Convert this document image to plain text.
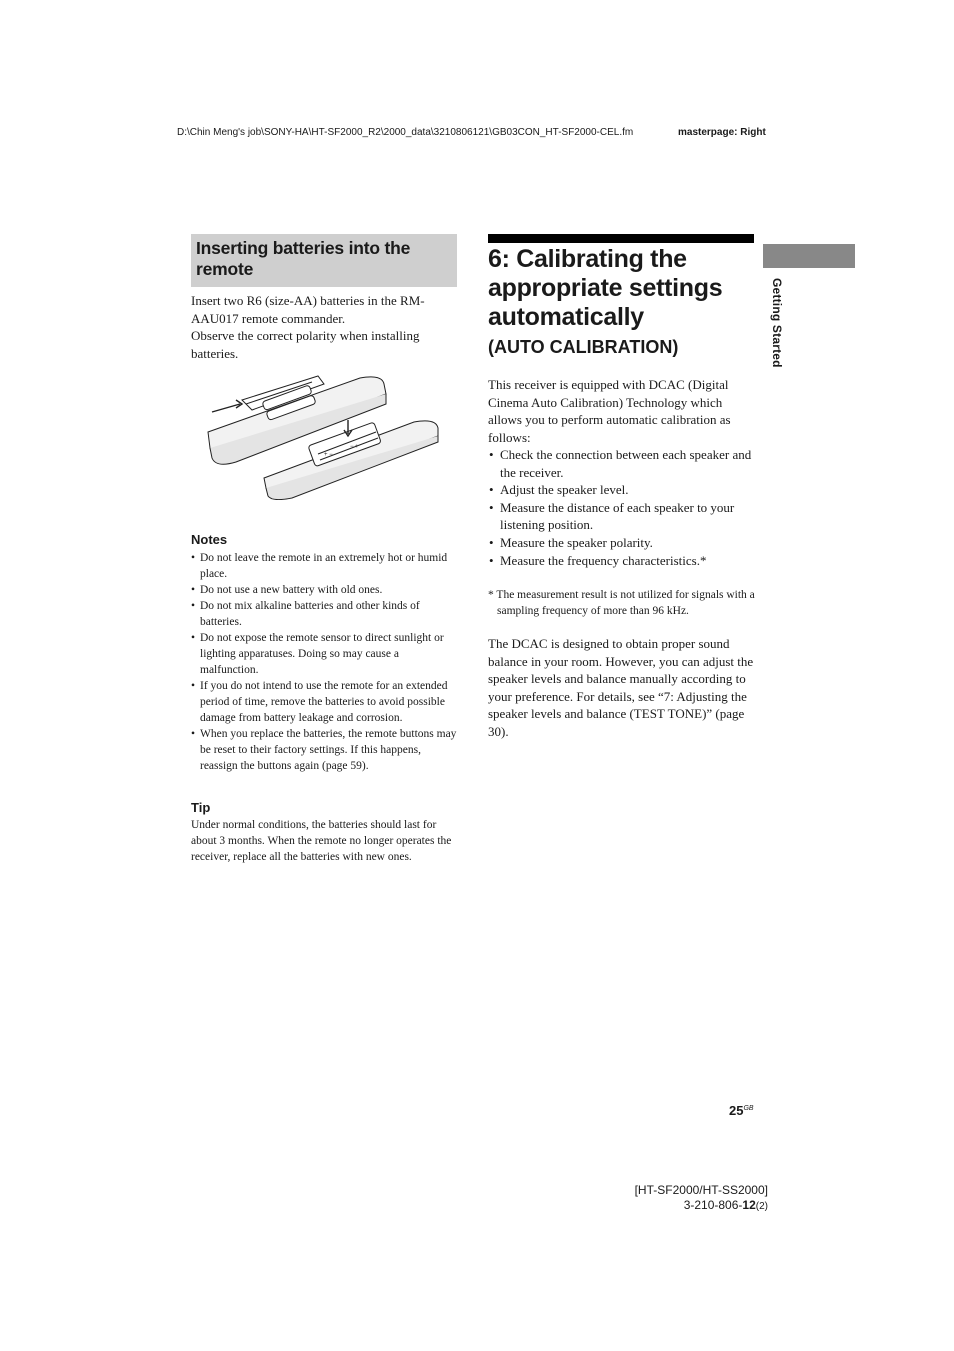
D:\Chin Meng's job\SONY-HA\HT-SF2000_R2\2000_data\3210806121\GB03CON_HT-SF2000-CEL.fm	masterpage: Right
Inserting batteries into the remote

Insert two R6 (size-AA) batteries in the RM-AAU017 remote commander.

Observe the correct polarity when installing batteries.

+ −
− +
Notes
• Do not leave the remote in an extremely hot or humid place.
• Do not use a new battery with old ones.
• Do not mix alkaline batteries and other kinds of batteries.
• Do not expose the remote sensor to direct sunlight or lighting apparatuses. Doing so may cause a malfunction.
• If you do not intend to use the remote for an extended period of time, remove the batteries to avoid possible damage from battery leakage and corrosion.
• When you replace the batteries, the remote buttons may be reset to their factory settings. If this happens, reassign the buttons again (page 59).
Tip
Under normal conditions, the batteries should last for about 3 months. When the remote no longer operates the receiver, replace all the batteries with new ones.
6: Calibrating the appropriate settings automatically
(AUTO CALIBRATION)

This receiver is equipped with DCAC (Digital Cinema Auto Calibration) Technology which allows you to perform automatic calibration as follows:

• Check the connection between each speaker and the receiver.
• Adjust the speaker level.
• Measure the distance of each speaker to your listening position.
• Measure the speaker polarity.
• Measure the frequency characteristics.*
* The measurement result is not utilized for signals with a sampling frequency of more than 96 kHz.
The DCAC is designed to obtain proper sound balance in your room. However, you can adjust the speaker levels and balance manually according to your preference. For details, see “7: Adjusting the speaker levels and balance (TEST TONE)” (page 30).
Getting Started
$25^{GB}$
[HT-SF2000/HT-SS2000]
3-210-806-12(2)
